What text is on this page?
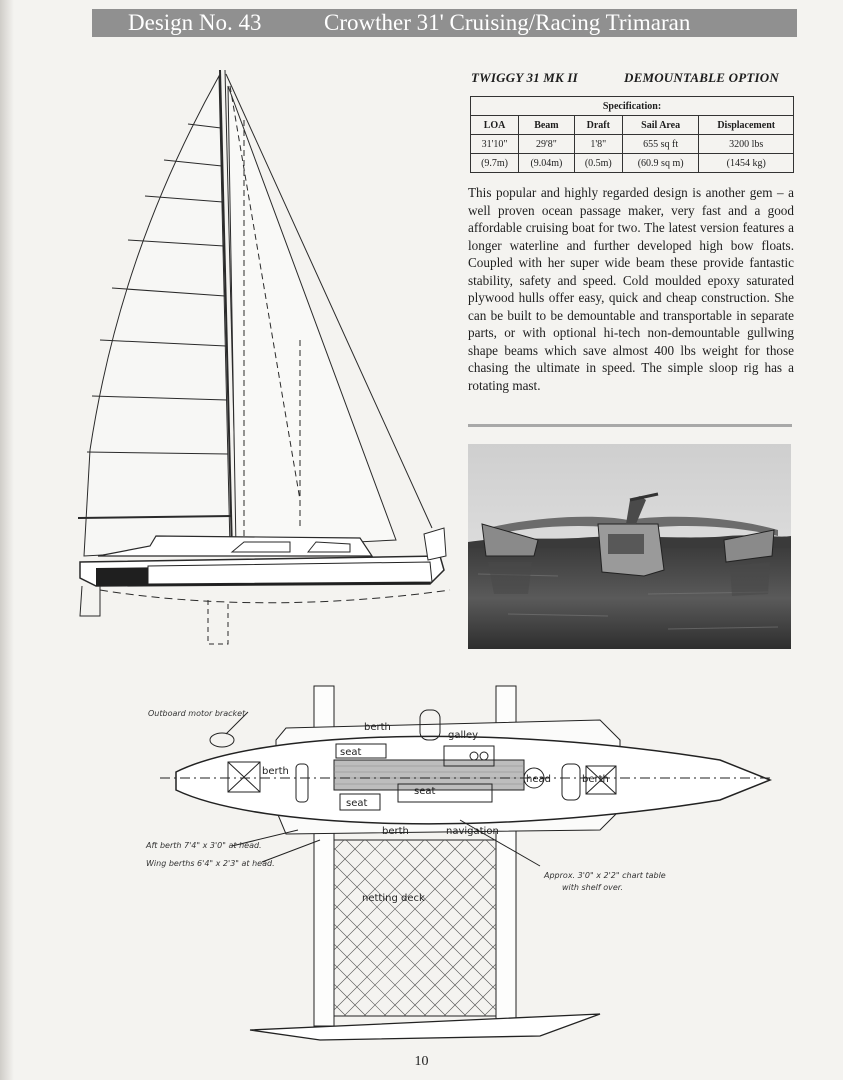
Design No. 43	Crowther 31' Cruising/Racing Trimaran
TWIGGY 31 MK II	DEMOUNTABLE OPTION
Specification:				
LOA	Beam	Draft	Sail Area	Displacement
31'10"	29'8"	1'8"	655 sq ft	3200 lbs
(9.7m)	(9.04m)	(0.5m)	(60.9 sq m)	(1454 kg)

This popular and highly regarded design is another gem – a well proven ocean passage maker, very fast and a good affordable cruising boat for two. The latest version features a longer waterline and further developed high bow floats. Coupled with her super wide beam these provide fantastic stability, safety and speed. Cold moulded epoxy saturated plywood hulls offer easy, quick and cheap construction. She can be built to be demountable and transportable in separate parts, or with optional hi-tech non-demountable gullwing shape beams which save almost 400 lbs weight for those chasing the ultimate in speed. The simple sloop rig has a rotating mast.

berth
galley
seat
berth
seat
seat
head	berth
berth	navigation
netting deck
Outboard motor bracket
Aft berth 7'4" x 3'0" at head.
Wing berths 6'4" x 2'3" at head.
Approx. 3'0" x 2'2" chart table
with shelf over.
10
